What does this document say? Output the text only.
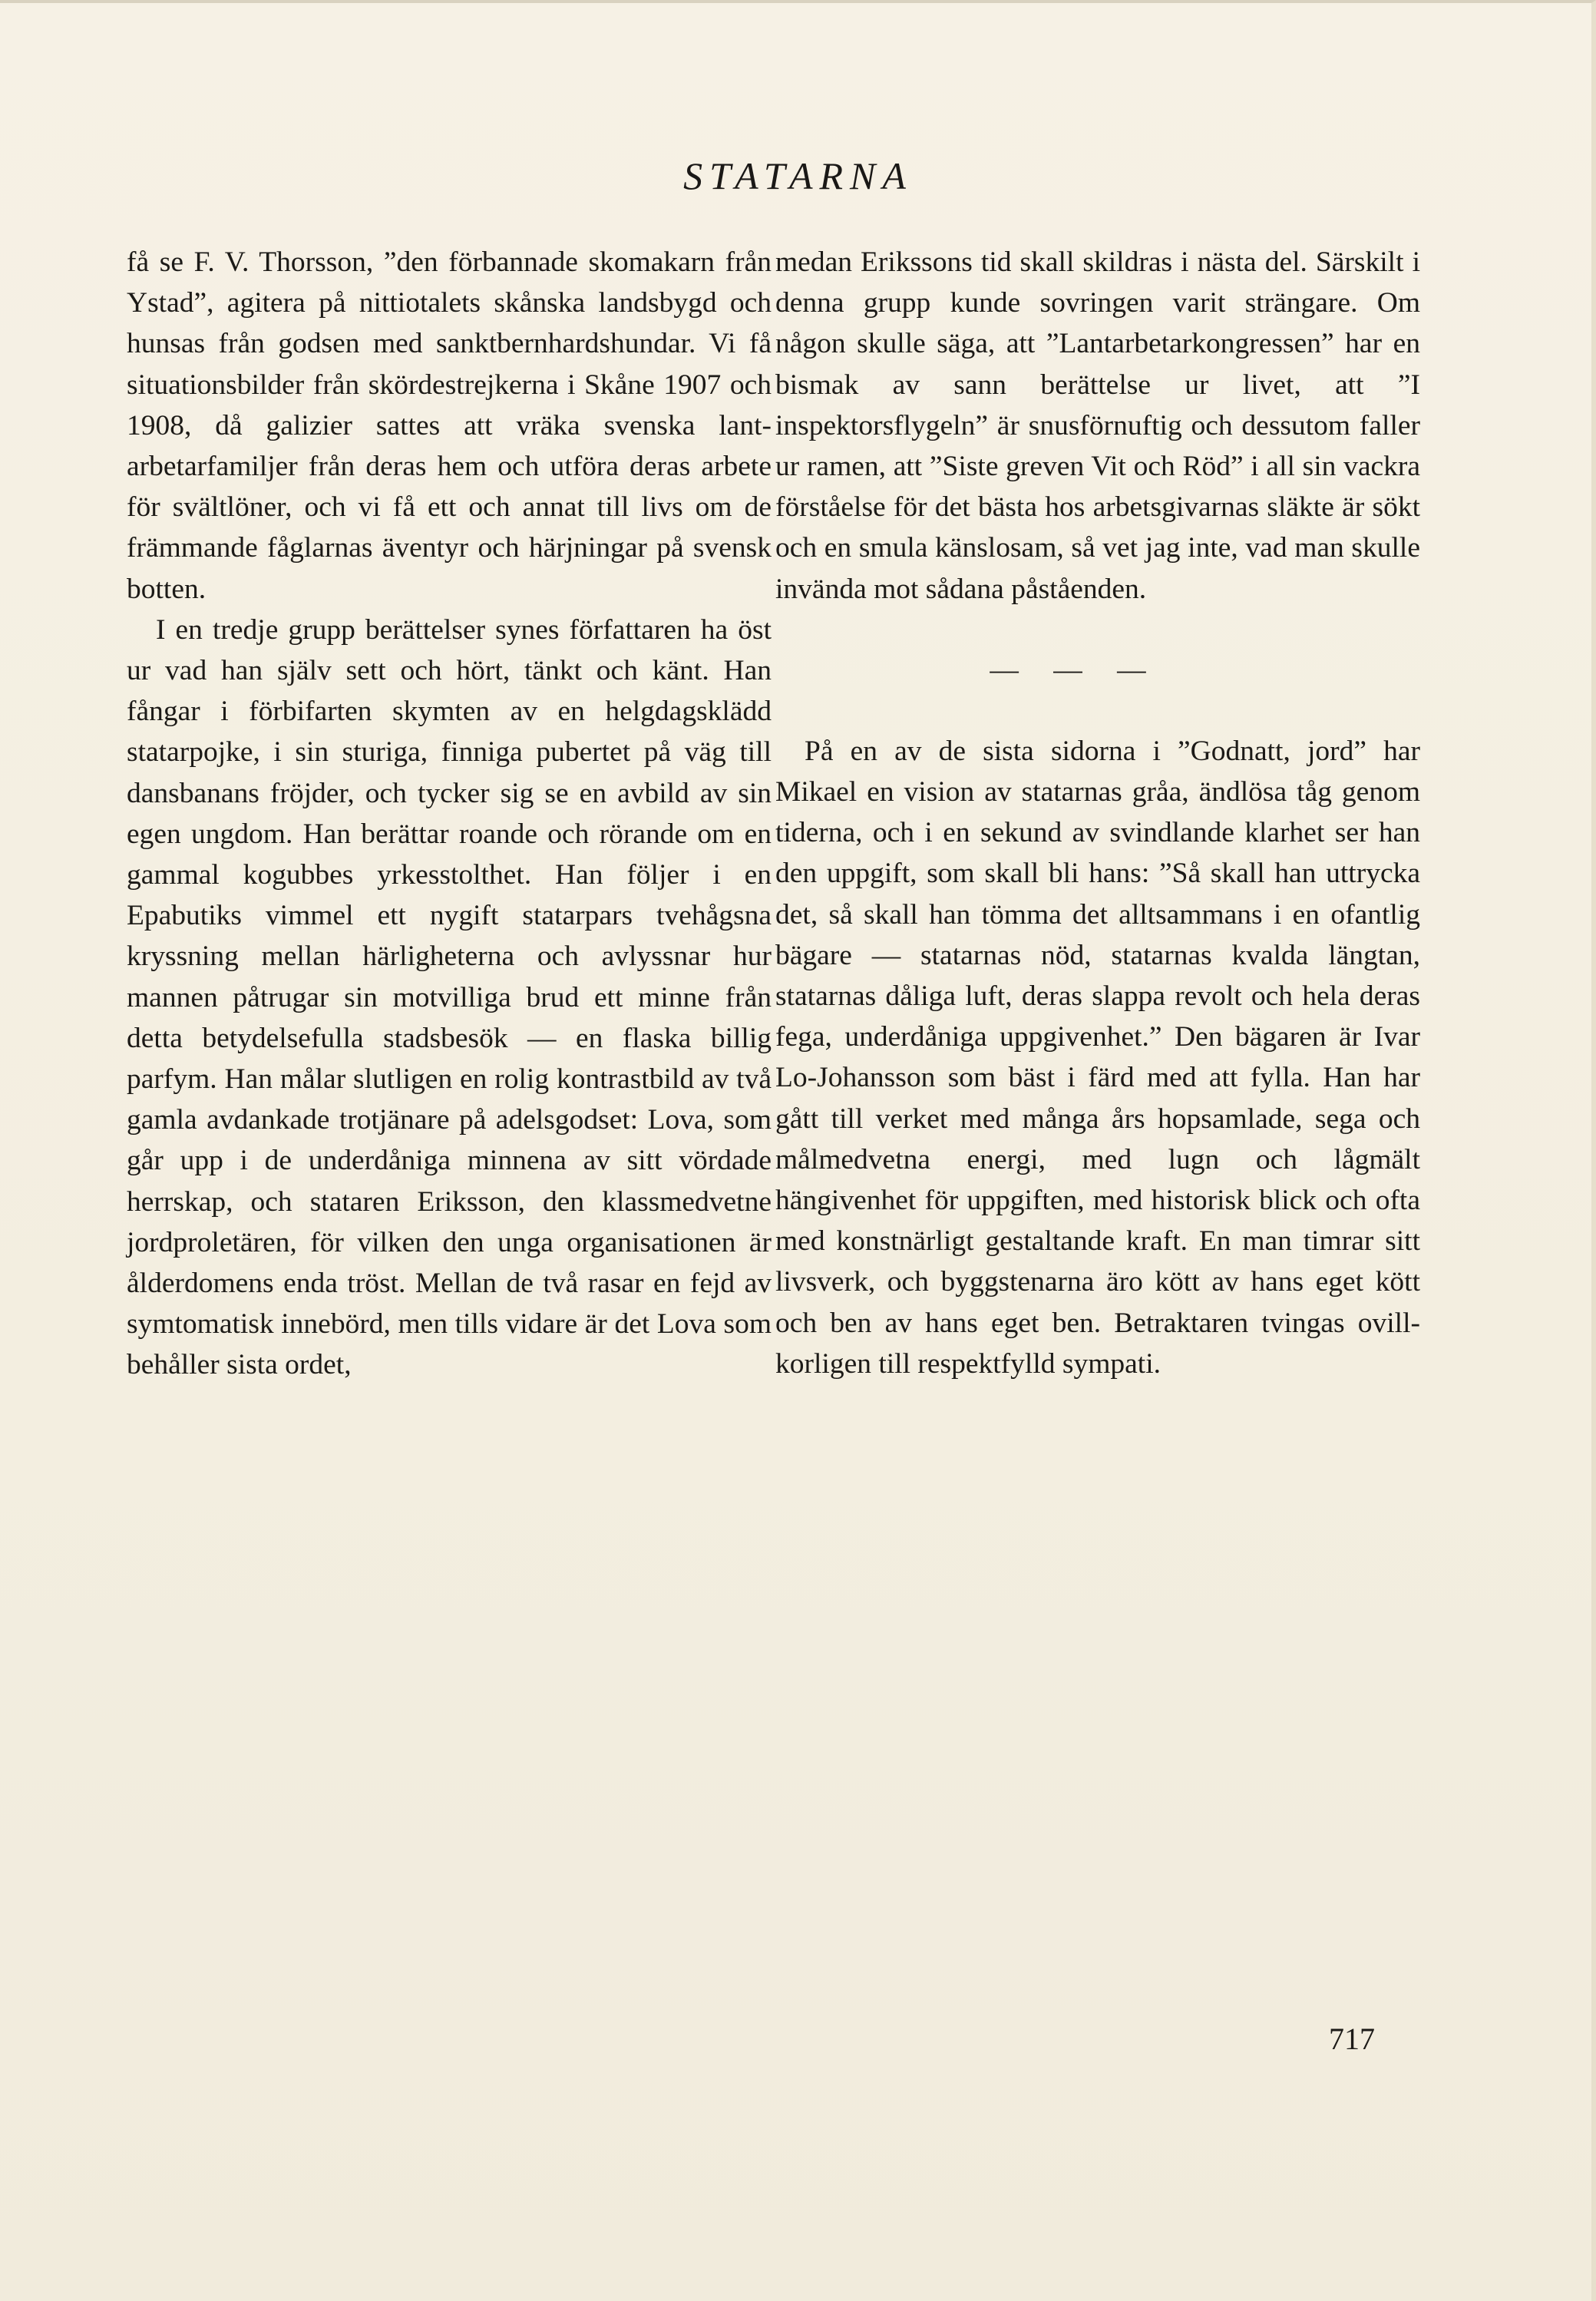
STATARNA

få se F. V. Thorsson, ”den förbannade skomakarn från Ystad”, agitera på nittiotalets skånska landsbygd och hunsas från godsen med sanktbernhardshundar. Vi få situationsbilder från skördestrejkerna i Skåne 1907 och 1908, då galizier sattes att vräka svenska lantarbetarfamiljer från deras hem och utföra deras arbete för svältlöner, och vi få ett och annat till livs om de främmande fåglarnas äventyr och härjningar på svensk botten.

I en tredje grupp berättelser synes författaren ha öst ur vad han själv sett och hört, tänkt och känt. Han fångar i förbifarten skymten av en helgdagsklädd statarpojke, i sin sturiga, finniga pubertet på väg till dansbanans fröjder, och tycker sig se en avbild av sin egen ungdom. Han berättar roande och rörande om en gammal kogubbes yrkesstolthet. Han följer i en Epabutiks vimmel ett nygift statarpars tvehågsna kryssning mellan härligheterna och avlyssnar hur mannen påtrugar sin motvilliga brud ett minne från detta betydelsefulla stadsbesök — en flaska billig parfym. Han målar slutligen en rolig kontrastbild av två gamla avdankade trotjänare på adelsgodset: Lova, som går upp i de underdåniga minnena av sitt vördade herrskap, och stataren Eriksson, den klassmedvetne jordproletären, för vilken den unga organisationen är ålderdomens enda tröst. Mellan de två rasar en fejd av symtomatisk innebörd, men tills vidare är det Lova som behåller sista ordet,

medan Erikssons tid skall skildras i nästa del. Särskilt i denna grupp kunde sovringen varit strängare. Om någon skulle säga, att ”Lantarbetarkongressen” har en bismak av sann berättelse ur livet, att ”I inspektorsflygeln” är snusförnuftig och dessutom faller ur ramen, att ”Siste greven Vit och Röd” i all sin vackra förståelse för det bästa hos arbetsgivarnas släkte är sökt och en smula känslosam, så vet jag inte, vad man skulle invända mot sådana påståenden.

— — —

På en av de sista sidorna i ”Godnatt, jord” har Mikael en vision av statarnas gråa, ändlösa tåg genom tiderna, och i en sekund av svindlande klarhet ser han den uppgift, som skall bli hans: ”Så skall han uttrycka det, så skall han tömma det alltsammans i en ofantlig bägare — statarnas nöd, statarnas kvalda längtan, statarnas dåliga luft, deras slappa revolt och hela deras fega, underdåniga uppgivenhet.” Den bägaren är Ivar Lo-Johansson som bäst i färd med att fylla. Han har gått till verket med många års hopsamlade, sega och målmedvetna energi, med lugn och lågmält hängivenhet för uppgiften, med historisk blick och ofta med konstnärligt gestaltande kraft. En man timrar sitt livsverk, och byggstenarna äro kött av hans eget kött och ben av hans eget ben. Betraktaren tvingas ovillkorligen till respektfylld sympati.

717
